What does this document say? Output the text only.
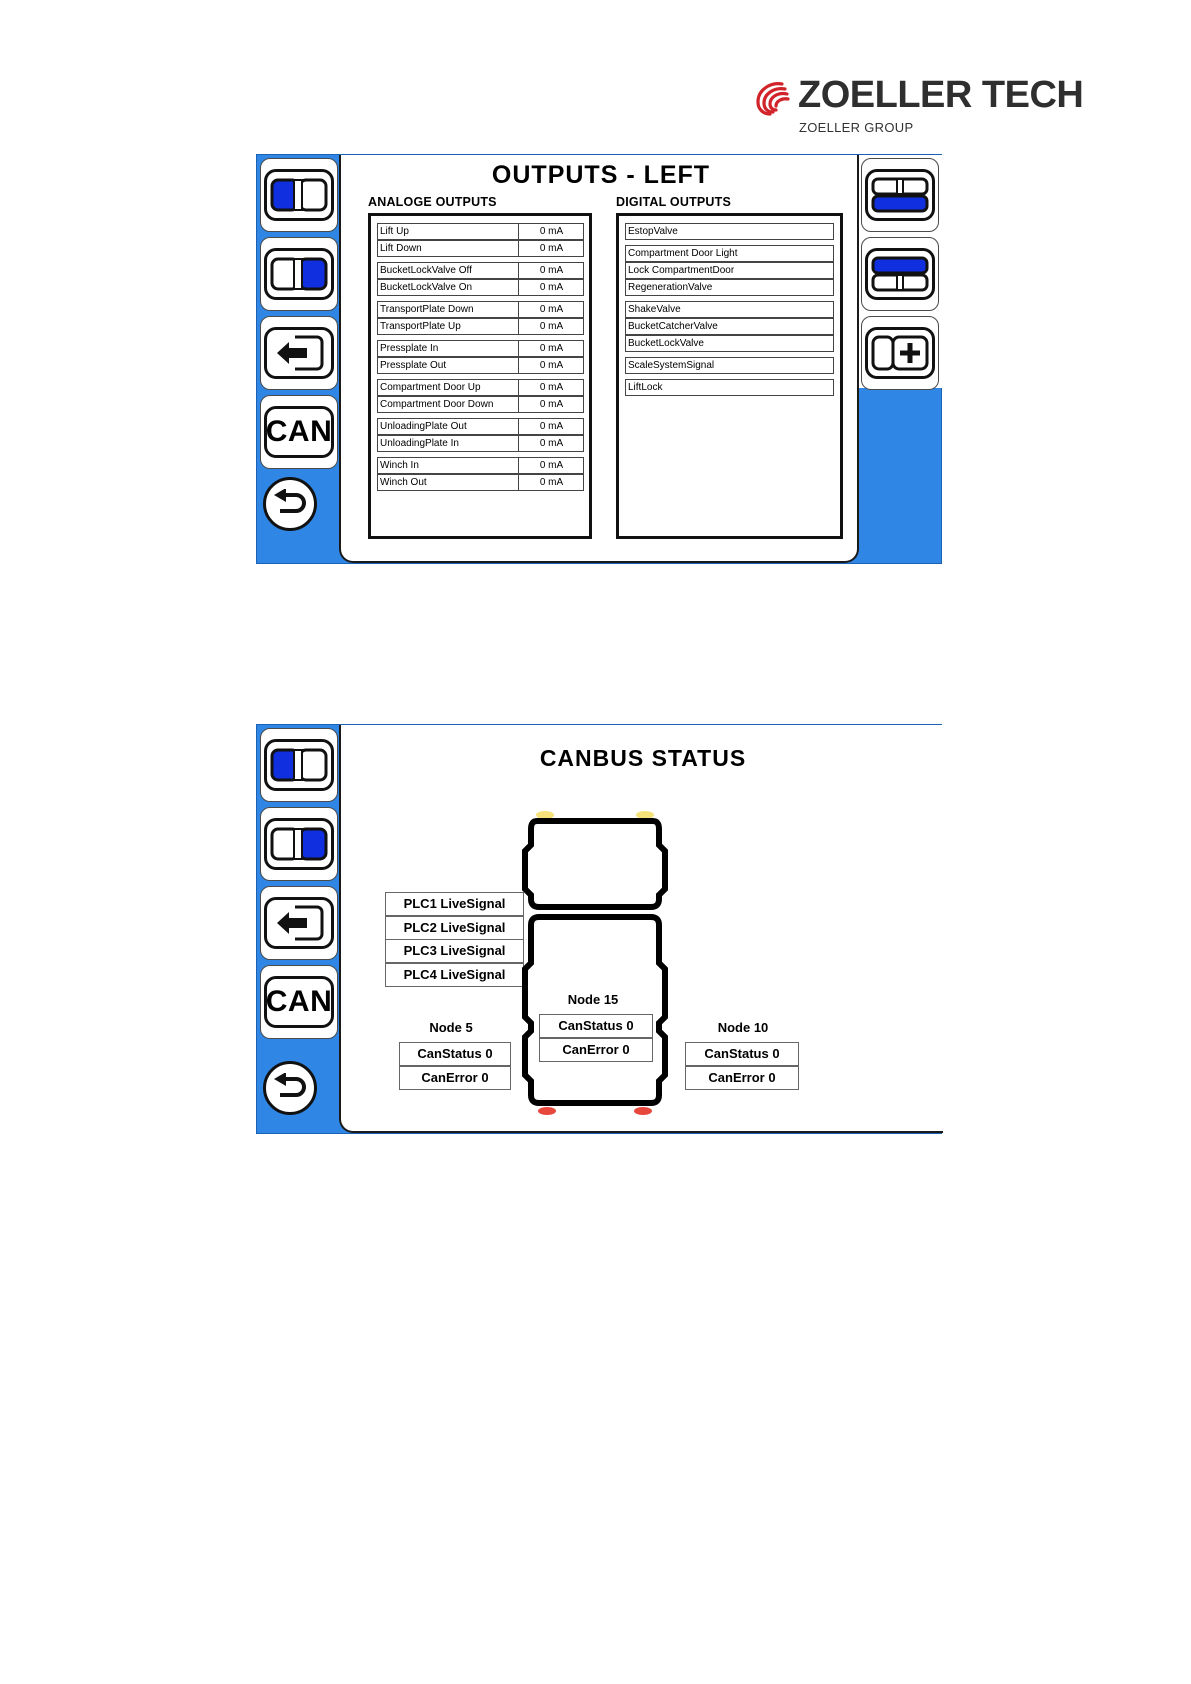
ZOELLER TECH
ZOELLER GROUP
CAN
OUTPUTS - LEFT
ANALOGE OUTPUTS	DIGITAL OUTPUTS
Lift Up	0 mA
Lift Down	0 mA
BucketLockValve Off	0 mA
BucketLockValve On	0 mA
TransportPlate Down	0 mA
TransportPlate Up	0 mA
Pressplate In	0 mA
Pressplate Out	0 mA
Compartment Door Up	0 mA
Compartment Door Down	0 mA
UnloadingPlate Out	0 mA
UnloadingPlate In	0 mA
Winch In	0 mA
Winch Out	0 mA
EstopValve
Compartment Door Light
Lock CompartmentDoor
RegenerationValve
ShakeValve
BucketCatcherValve
BucketLockValve
ScaleSystemSignal
LiftLock
CAN
CANBUS STATUS
PLC1 LiveSignal
PLC2 LiveSignal
PLC3 LiveSignal
PLC4 LiveSignal
Node 5
CanStatus 0
CanError 0
Node 15
CanStatus 0
CanError 0
Node 10
CanStatus 0
CanError 0
